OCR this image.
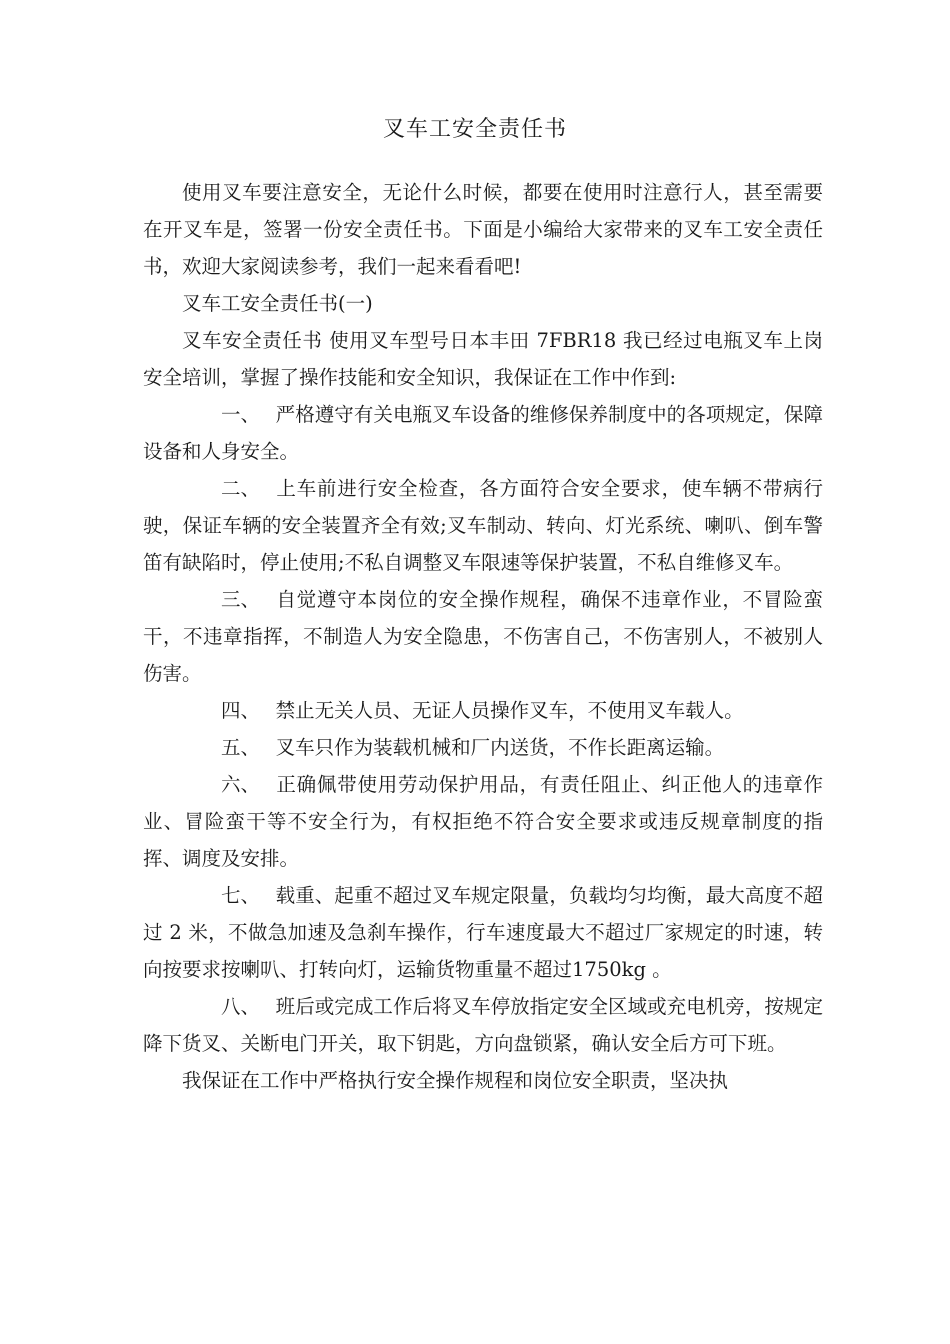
叉车工安全责任书

使用叉车要注意安全，无论什么时候，都要在使用时注意行人，甚至需要在开叉车是，签署一份安全责任书。下面是小编给大家带来的叉车工安全责任书，欢迎大家阅读参考，我们一起来看看吧!

叉车工安全责任书(一)

叉车安全责任书 使用叉车型号日本丰田 7FBR18 我已经过电瓶叉车上岗安全培训，掌握了操作技能和安全知识，我保证在工作中作到:

一、 严格遵守有关电瓶叉车设备的维修保养制度中的各项规定，保障设备和人身安全。

二、 上车前进行安全检查，各方面符合安全要求，使车辆不带病行驶，保证车辆的安全装置齐全有效;叉车制动、转向、灯光系统、喇叭、倒车警笛有缺陷时，停止使用;不私自调整叉车限速等保护装置，不私自维修叉车。

三、 自觉遵守本岗位的安全操作规程，确保不违章作业，不冒险蛮干，不违章指挥，不制造人为安全隐患，不伤害自己，不伤害别人，不被别人伤害。

四、 禁止无关人员、无证人员操作叉车，不使用叉车载人。

五、 叉车只作为装载机械和厂内送货，不作长距离运输。

六、 正确佩带使用劳动保护用品，有责任阻止、纠正他人的违章作业、冒险蛮干等不安全行为，有权拒绝不符合安全要求或违反规章制度的指挥、调度及安排。

七、 载重、起重不超过叉车规定限量，负载均匀均衡，最大高度不超过 2 米，不做急加速及急刹车操作，行车速度最大不超过厂家规定的时速，转向按要求按喇叭、打转向灯，运输货物重量不超过1750kg 。

八、 班后或完成工作后将叉车停放指定安全区域或充电机旁，按规定降下货叉、关断电门开关，取下钥匙，方向盘锁紧，确认安全后方可下班。

我保证在工作中严格执行安全操作规程和岗位安全职责，坚决执
